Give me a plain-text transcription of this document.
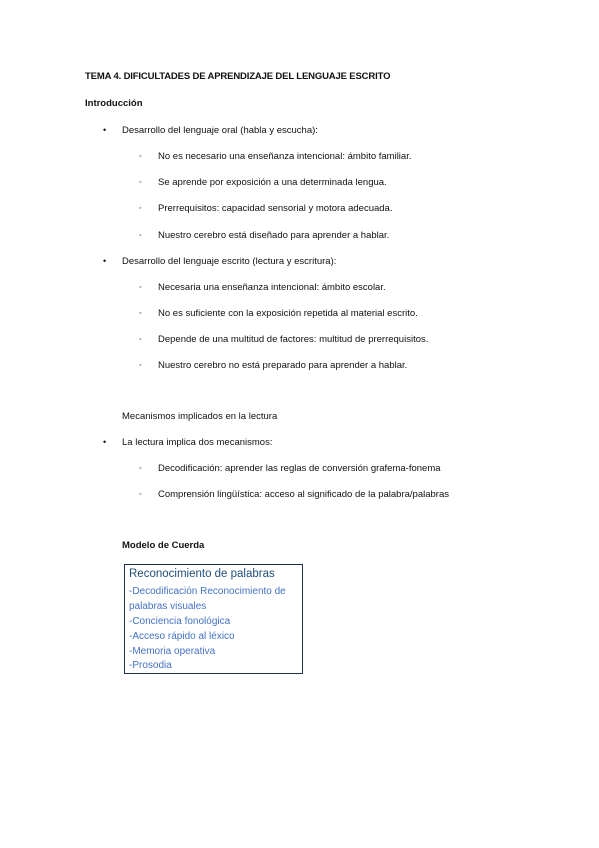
TEMA 4. DIFICULTADES DE APRENDIZAJE DEL LENGUAJE ESCRITO
Introducción
• Desarrollo del lenguaje oral (habla y escucha):
◦ No es necesario una enseñanza intencional: ámbito familiar.
◦ Se aprende por exposición a una determinada lengua.
◦ Prerrequisitos: capacidad sensorial y motora adecuada.
◦ Nuestro cerebro está diseñado para aprender a hablar.
• Desarrollo del lenguaje escrito (lectura y escritura):
◦ Necesaria una enseñanza intencional: ámbito escolar.
◦ No es suficiente con la exposición repetida al material escrito.
◦ Depende de una multitud de factores: multitud de prerrequisitos.
◦ Nuestro cerebro no está preparado para aprender a hablar.
Mecanismos implicados en la lectura
• La lectura implica dos mecanismos:
◦ Decodificación: aprender las reglas de conversión grafema-fonema
◦ Comprensión lingüística: acceso al significado de la palabra/palabras
Modelo de Cuerda
Reconocimiento de palabras
-Decodificación Reconocimiento de
palabras visuales
-Conciencia fonológica
-Acceso rápido al léxico
-Memoria operativa
-Prosodia
